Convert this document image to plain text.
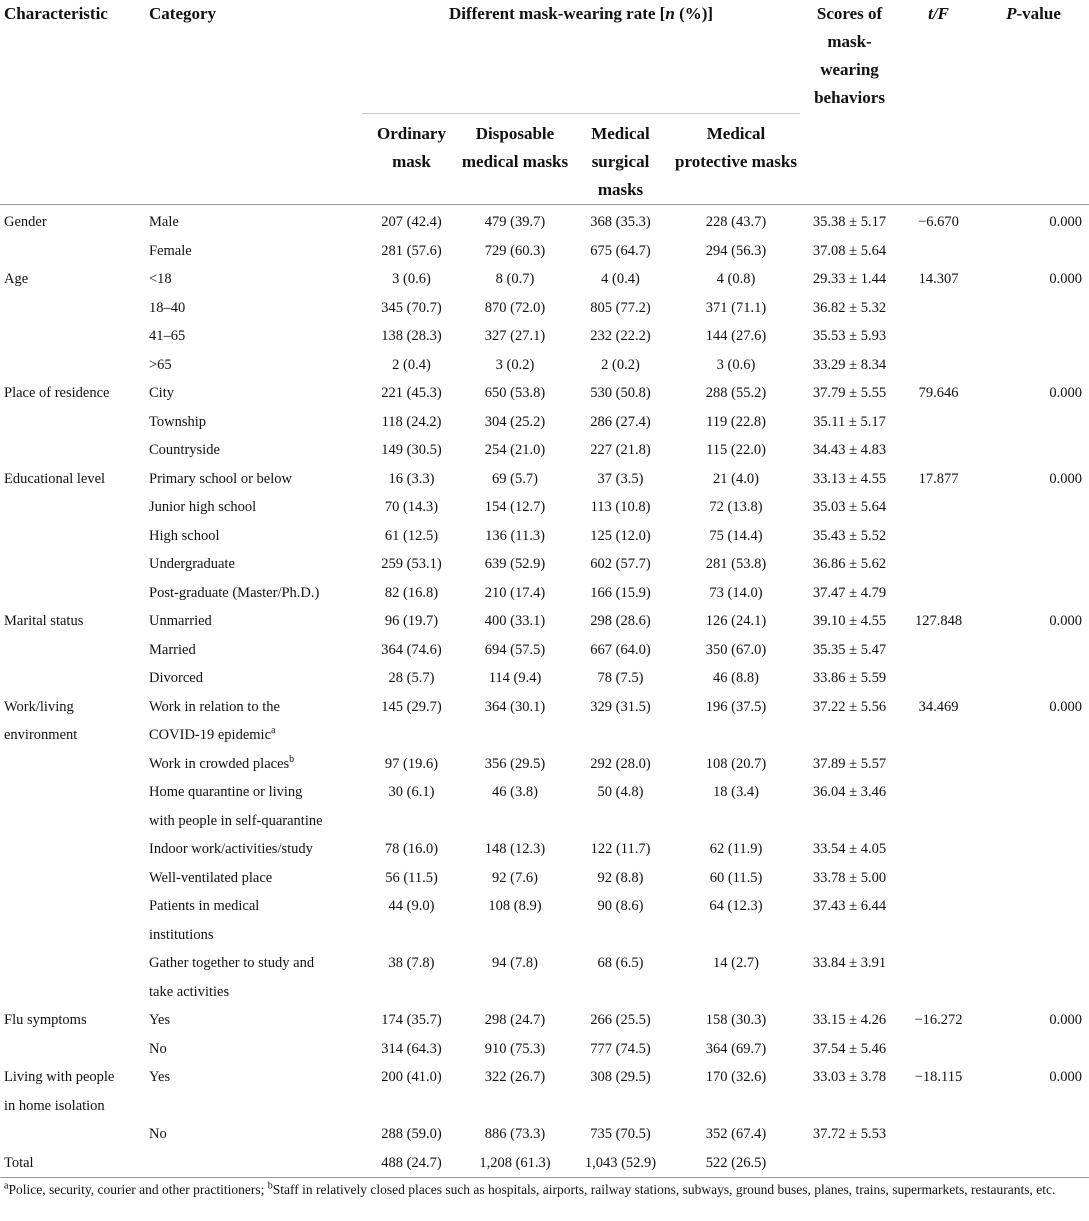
Characteristic	Category	Different mask-wearing rate [n (%)]				Scores of mask-wearing behaviors	t/F	P-value
		Ordinary mask	Disposable medical masks	Medical surgical masks	Medical protective masks			
Gender	Male	207 (42.4)	479 (39.7)	368 (35.3)	228 (43.7)	35.38 ± 5.17	−6.670	0.000
	Female	281 (57.6)	729 (60.3)	675 (64.7)	294 (56.3)	37.08 ± 5.64		
Age	<18	3 (0.6)	8 (0.7)	4 (0.4)	4 (0.8)	29.33 ± 1.44	14.307	0.000
	18–40	345 (70.7)	870 (72.0)	805 (77.2)	371 (71.1)	36.82 ± 5.32		
	41–65	138 (28.3)	327 (27.1)	232 (22.2)	144 (27.6)	35.53 ± 5.93		
	>65	2 (0.4)	3 (0.2)	2 (0.2)	3 (0.6)	33.29 ± 8.34		
Place of residence	City	221 (45.3)	650 (53.8)	530 (50.8)	288 (55.2)	37.79 ± 5.55	79.646	0.000
	Township	118 (24.2)	304 (25.2)	286 (27.4)	119 (22.8)	35.11 ± 5.17		
	Countryside	149 (30.5)	254 (21.0)	227 (21.8)	115 (22.0)	34.43 ± 4.83		
Educational level	Primary school or below	16 (3.3)	69 (5.7)	37 (3.5)	21 (4.0)	33.13 ± 4.55	17.877	0.000
	Junior high school	70 (14.3)	154 (12.7)	113 (10.8)	72 (13.8)	35.03 ± 5.64		
	High school	61 (12.5)	136 (11.3)	125 (12.0)	75 (14.4)	35.43 ± 5.52		
	Undergraduate	259 (53.1)	639 (52.9)	602 (57.7)	281 (53.8)	36.86 ± 5.62		
	Post-graduate (Master/Ph.D.)	82 (16.8)	210 (17.4)	166 (15.9)	73 (14.0)	37.47 ± 4.79		
Marital status	Unmarried	96 (19.7)	400 (33.1)	298 (28.6)	126 (24.1)	39.10 ± 4.55	127.848	0.000
	Married	364 (74.6)	694 (57.5)	667 (64.0)	350 (67.0)	35.35 ± 5.47		
	Divorced	28 (5.7)	114 (9.4)	78 (7.5)	46 (8.8)	33.86 ± 5.59		
Work/living	Work in relation to the	145 (29.7)	364 (30.1)	329 (31.5)	196 (37.5)	37.22 ± 5.56	34.469	0.000
environment	COVID-19 epidemic$^a$							
	Work in crowded places$^b$	97 (19.6)	356 (29.5)	292 (28.0)	108 (20.7)	37.89 ± 5.57		
	Home quarantine or living	30 (6.1)	46 (3.8)	50 (4.8)	18 (3.4)	36.04 ± 3.46		
	with people in self-quarantine							
	Indoor work/activities/study	78 (16.0)	148 (12.3)	122 (11.7)	62 (11.9)	33.54 ± 4.05		
	Well-ventilated place	56 (11.5)	92 (7.6)	92 (8.8)	60 (11.5)	33.78 ± 5.00		
	Patients in medical	44 (9.0)	108 (8.9)	90 (8.6)	64 (12.3)	37.43 ± 6.44		
	institutions							
	Gather together to study and	38 (7.8)	94 (7.8)	68 (6.5)	14 (2.7)	33.84 ± 3.91		
	take activities							
Flu symptoms	Yes	174 (35.7)	298 (24.7)	266 (25.5)	158 (30.3)	33.15 ± 4.26	−16.272	0.000
	No	314 (64.3)	910 (75.3)	777 (74.5)	364 (69.7)	37.54 ± 5.46		
Living with people	Yes	200 (41.0)	322 (26.7)	308 (29.5)	170 (32.6)	33.03 ± 3.78	−18.115	0.000
in home isolation								
	No	288 (59.0)	886 (73.3)	735 (70.5)	352 (67.4)	37.72 ± 5.53		
Total		488 (24.7)	1,208 (61.3)	1,043 (52.9)	522 (26.5)			
$^a$Police, security, courier and other practitioners; $^b$Staff in relatively closed places such as hospitals, airports, railway stations, subways, ground buses, planes, trains, supermarkets, restaurants, etc.
